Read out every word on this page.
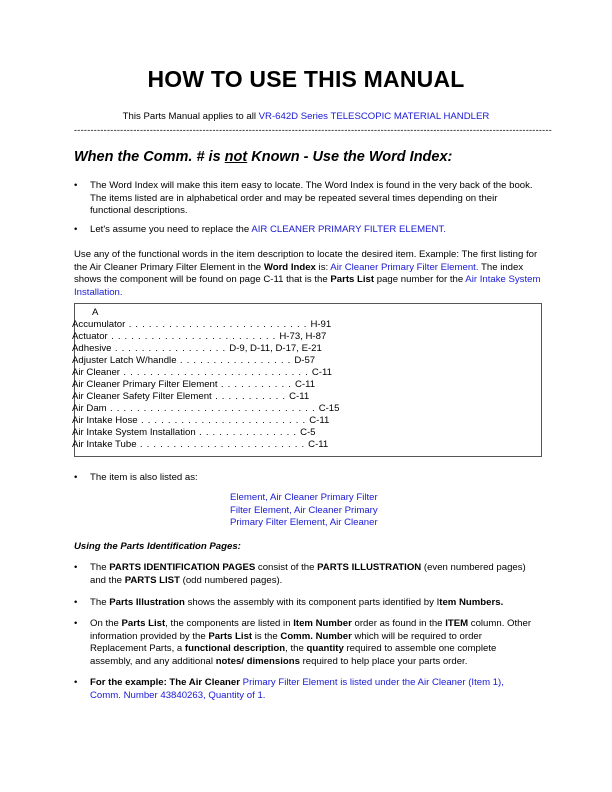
HOW TO USE THIS MANUAL
This Parts Manual applies to all VR-642D Series TELESCOPIC MATERIAL HANDLER
-------------------------------------------------------------------------------------------------------------------------------------------------
When the Comm. # is not Known - Use the Word Index:
• The Word Index will make this item easy to locate. The Word Index is found in the very back of the book. The items listed are in alphabetical order and may be repeated several times depending on their functional descriptions.
• Let's assume you need to replace the AIR CLEANER PRIMARY FILTER ELEMENT.
Use any of the functional words in the item description to locate the desired item. Example: The first listing for the Air Cleaner Primary Filter Element in the Word Index is: Air Cleaner Primary Filter Element. The index shows the component will be found on page C-11 that is the Parts List page number for the Air Intake System Installation.
A
Accumulator . . . . . . . . . . . . . . . . . . . . . . . . . . . H-91
Actuator . . . . . . . . . . . . . . . . . . . . . . . . . H-73, H-87
Adhesive . . . . . . . . . . . . . . . . . D-9, D-11, D-17, E-21
Adjuster Latch W/handle . . . . . . . . . . . . . . . . . D-57
Air Cleaner . . . . . . . . . . . . . . . . . . . . . . . . . . . . C-11
Air Cleaner Primary Filter Element . . . . . . . . . . . C-11
Air Cleaner Safety Filter Element . . . . . . . . . . . C-11
Air Dam . . . . . . . . . . . . . . . . . . . . . . . . . . . . . . . C-15
Air Intake Hose . . . . . . . . . . . . . . . . . . . . . . . . . C-11
Air Intake System Installation . . . . . . . . . . . . . . . C-5
Air Intake Tube . . . . . . . . . . . . . . . . . . . . . . . . . C-11
• The item is also listed as:
Element, Air Cleaner Primary Filter
Filter Element, Air Cleaner Primary
Primary Filter Element, Air Cleaner
Using the Parts Identification Pages:
• The PARTS IDENTIFICATION PAGES consist of the PARTS ILLUSTRATION (even numbered pages) and the PARTS LIST (odd numbered pages).
• The Parts Illustration shows the assembly with its component parts identified by Item Numbers.
• On the Parts List, the components are listed in Item Number order as found in the ITEM column. Other information provided by the Parts List is the Comm. Number which will be required to order Replacement Parts, a functional description, the quantity required to assemble one complete assembly, and any additional notes/ dimensions required to help place your parts order.
• For the example: The Air Cleaner Primary Filter Element is listed under the Air Cleaner (Item 1), Comm. Number 43840263, Quantity of 1.
